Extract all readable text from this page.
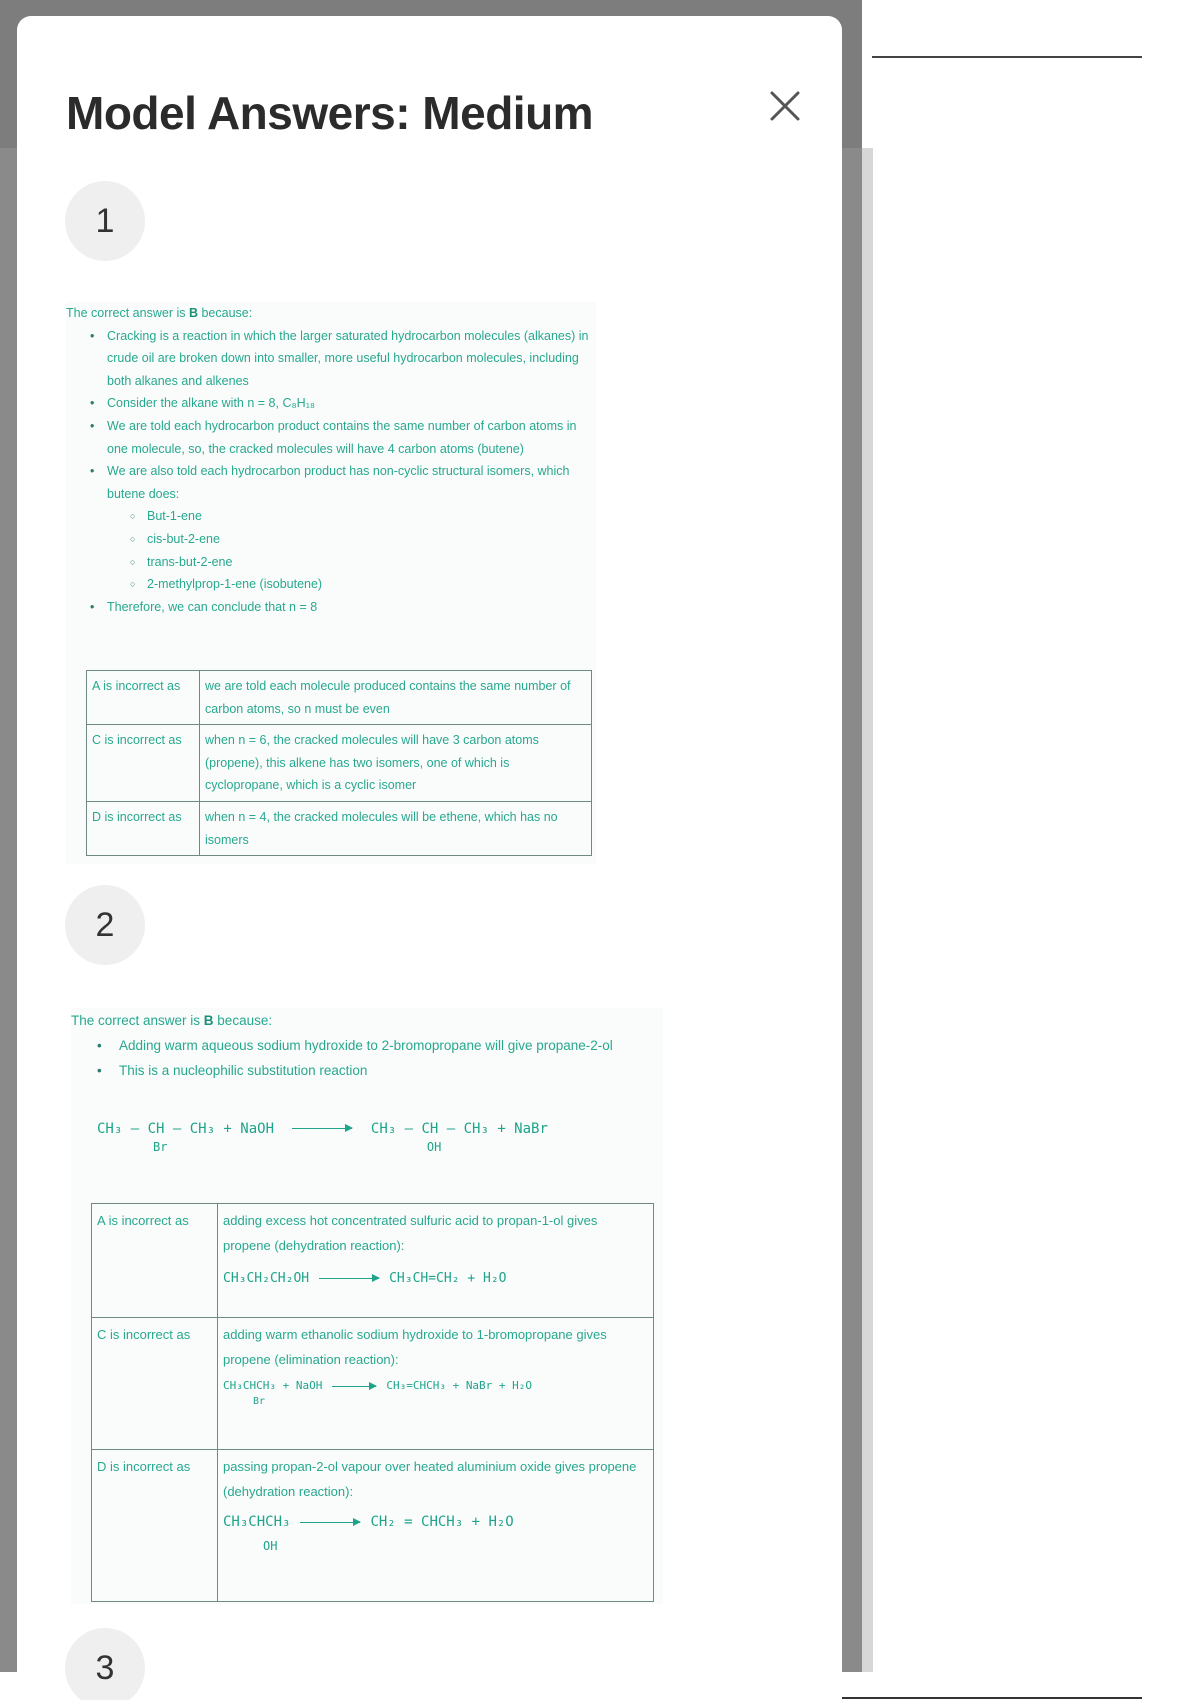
Model Answers: Medium
1
The correct answer is B because:
• Cracking is a reaction in which the larger saturated hydrocarbon molecules (alkanes) in crude oil are broken down into smaller, more useful hydrocarbon molecules, including both alkanes and alkenes
• Consider the alkane with n = 8, C₈H₁₈
• We are told each hydrocarbon product contains the same number of carbon atoms in one molecule, so, the cracked molecules will have 4 carbon atoms (butene)
• We are also told each hydrocarbon product has non-cyclic structural isomers, which butene does:
○ But-1-ene
○ cis-but-2-ene
○ trans-but-2-ene
○ 2-methylprop-1-ene (isobutene)
• Therefore, we can conclude that n = 8
A is incorrect as	we are told each molecule produced contains the same number of carbon atoms, so n must be even
C is incorrect as	when n = 6, the cracked molecules will have 3 carbon atoms (propene), this alkene has two isomers, one of which is cyclopropane, which is a cyclic isomer
D is incorrect as	when n = 4, the cracked molecules will be ethene, which has no isomers
2
The correct answer is B because:
• Adding warm aqueous sodium hydroxide to 2-bromopropane will give propane-2-ol
• This is a nucleophilic substitution reaction
CH₃ — CH — CH₃ + NaOH
Br
CH₃ — CH — CH₃ + NaBr
OH
A is incorrect as	adding excess hot concentrated sulfuric acid to propan-1-ol gives propene (dehydration reaction):
CH₃CH₂CH₂OH CH₃CH=CH₂ + H₂O

C is incorrect as	adding warm ethanolic sodium hydroxide to 1-bromopropane gives propene (elimination reaction):
CH₃CHCH₃ + NaOH → CH₃=CHCH₃ + NaBr + H₂O
Br

D is incorrect as	passing propan-2-ol vapour over heated aluminium oxide gives propene (dehydration reaction):
CH₃CHCH₃ CH₂ = CHCH₃ + H₂O
OH
3
